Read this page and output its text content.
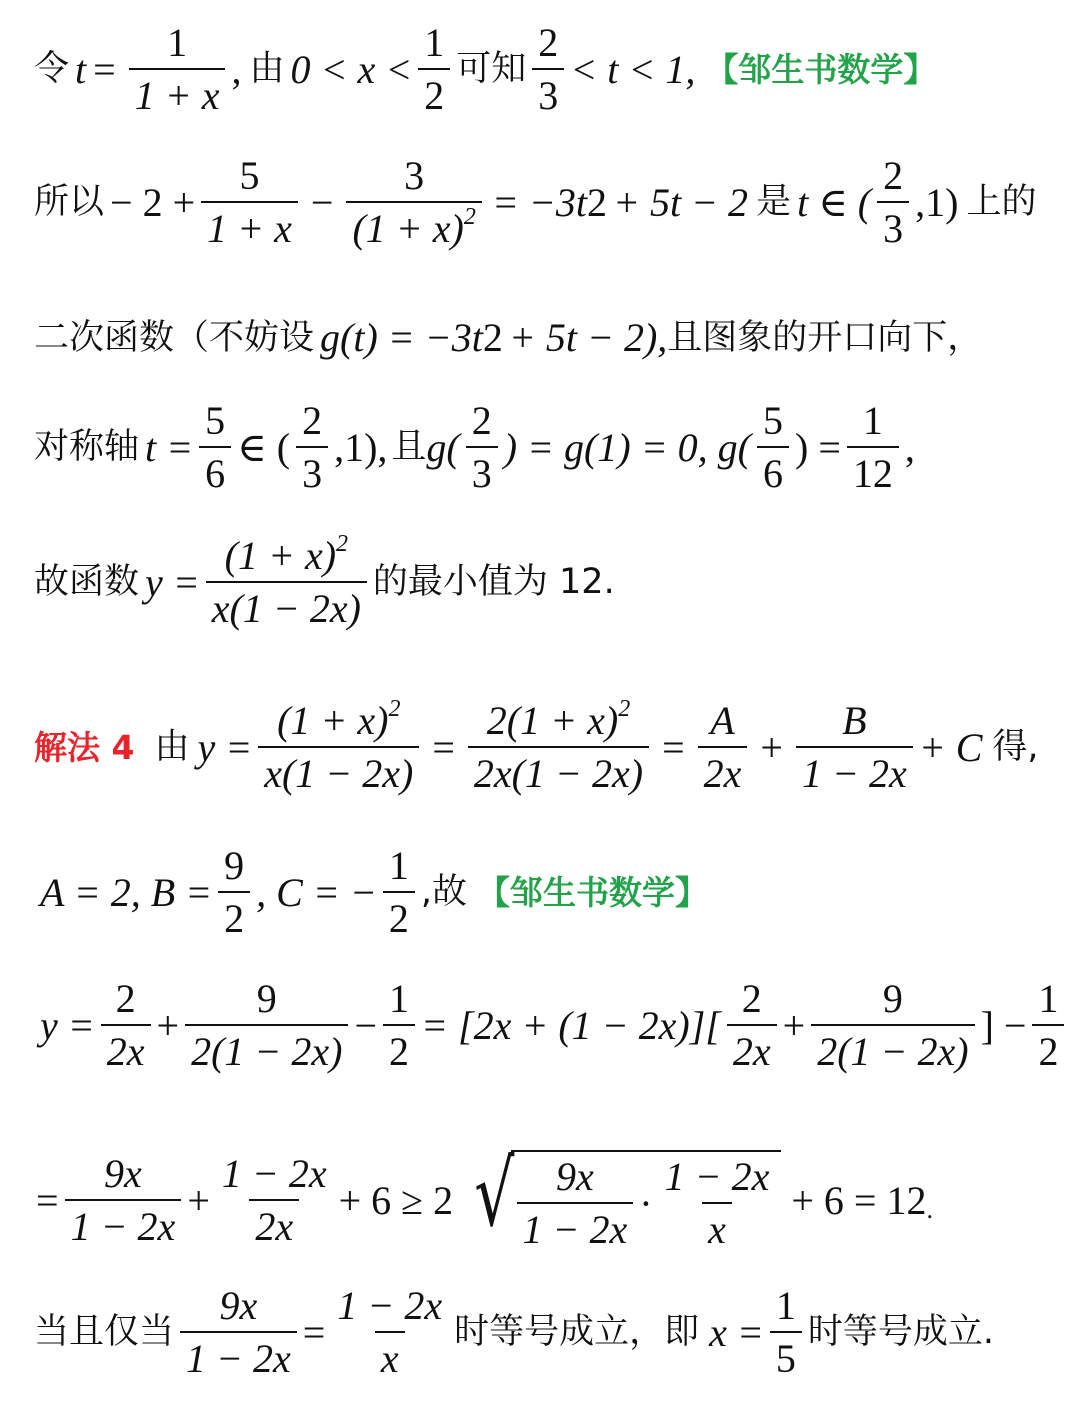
令 $t = \frac{1}{1 + x}$ , 由 $0 < x < \frac{1}{2}$ 可知 $\frac{2}{3} < t < 1$, 【邹生书数学】
所以 − $2 + \frac{5}{1 + x} - \frac{3}{(1 + x)^2} = -3t$ 2 + 5t − 2 是 t ∈ ( $\frac{2}{3} ,1$) 上的
二次函数（不妨设 g(t) = −3t 2 + 5t − 2), 且图象的开口向下，
对称轴 $t = \frac{5}{6}$ ∈ ( $\frac{2}{3} ,1$), 且 $g( \frac{2}{3}$ ) = g(1) = 0, $g( \frac{5}{6}$ ) = $\frac{1}{12}$ ,
故函数 $y = \frac{(1 + x)^2}{x(1 - 2x)}$ 的最小值为 12.
解法 4 由 $y = \frac{(1 + x)^2}{x(1 - 2x)} = \frac{2(1 + x)^2}{2x(1 - 2x)} = \frac{A}{2x} + \frac{B}{1 - 2x} + C$ 得,
A = 2, $B = \frac{9}{2}$ , C = − $\frac{1}{2}$ ,故 【邹生书数学】
$y = \frac{2}{2x} + \frac{9}{2(1 - 2x)} - \frac{1}{2} = [2x + (1 - 2x)][ \frac{2}{2x} + \frac{9}{2(1 - 2x)}$ ] − $\frac{1}{2}$
= $\frac{9x}{1 - 2x} + \frac{1 - 2x}{2x} + 6 \ge 2$ √ $\frac{9x}{1 - 2x} \cdot \frac{1 - 2x}{x} + 6 = 12$ .
当且仅当 $\frac{9x}{1 - 2x} = \frac{1 - 2x}{x}$ 时等号成立，即 $x = \frac{1}{5}$ 时等号成立.
